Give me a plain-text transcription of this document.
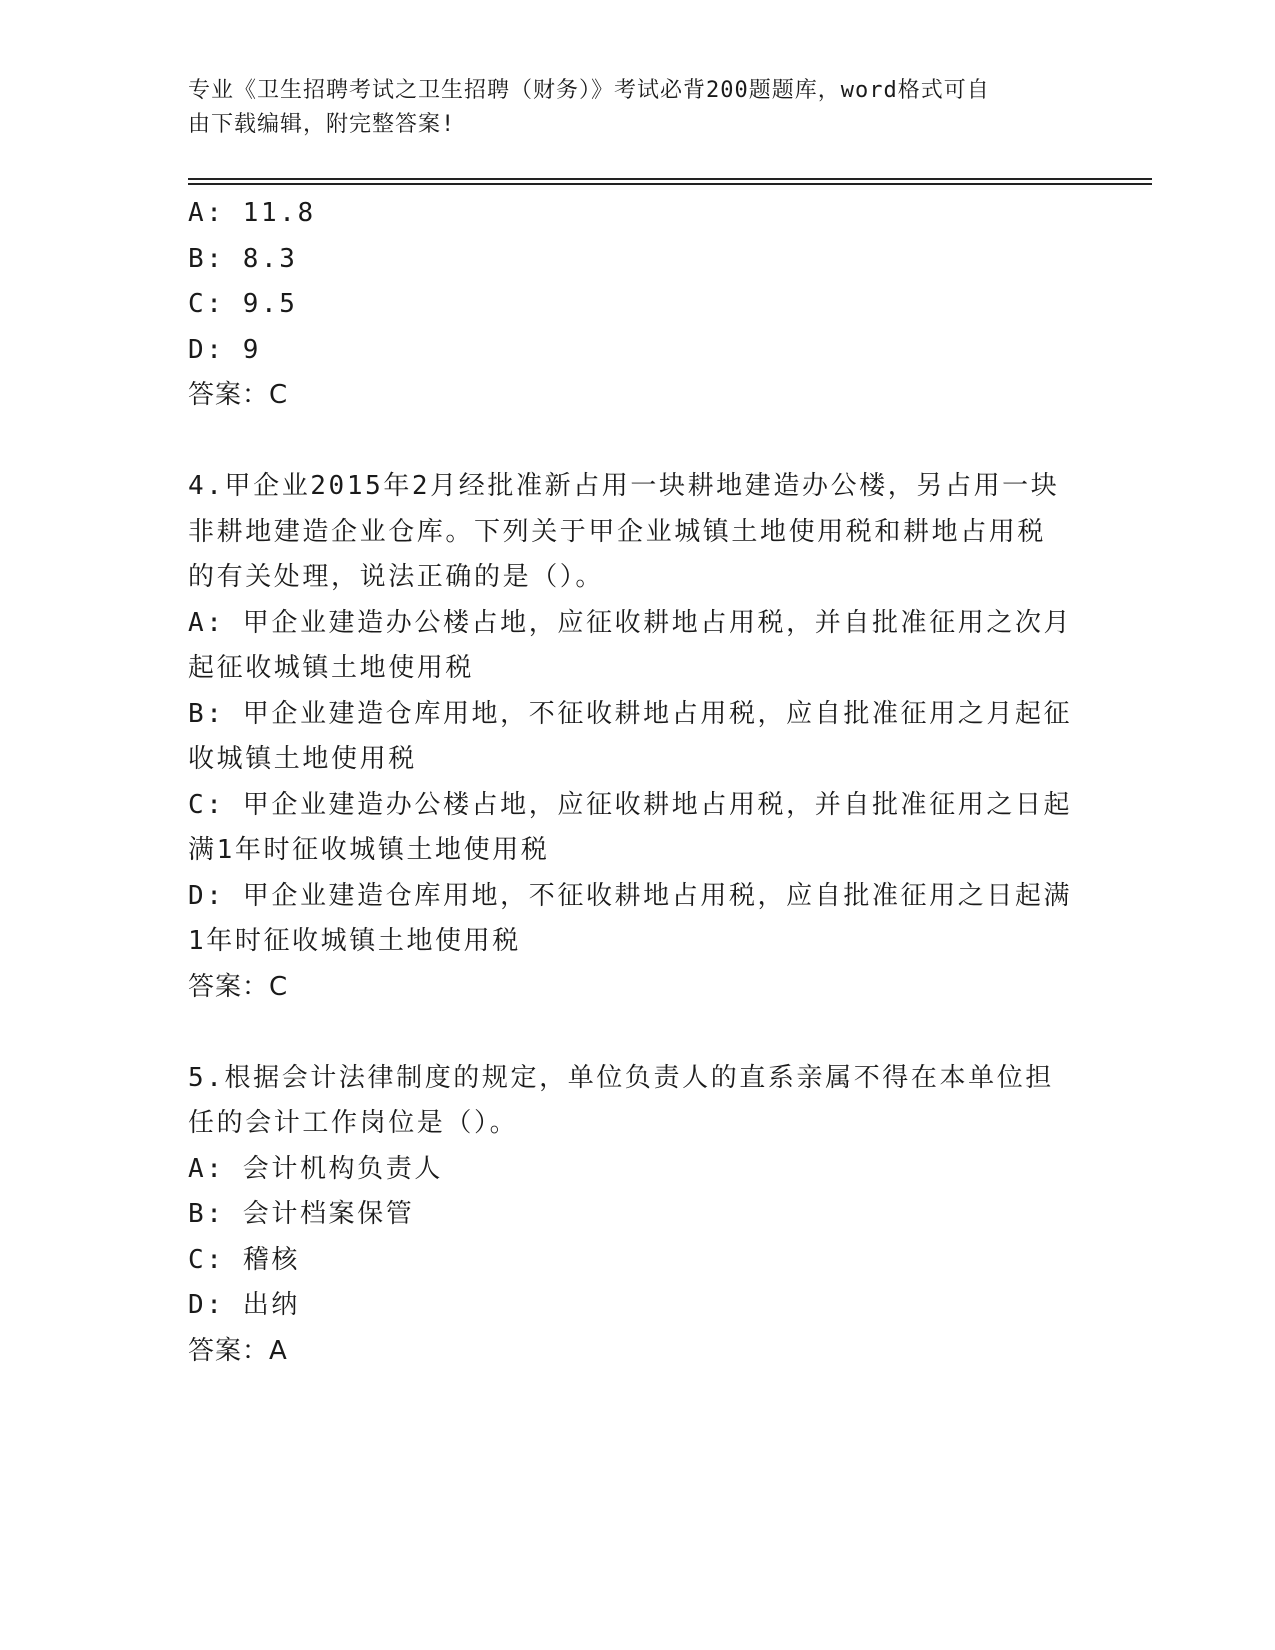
专业《卫生招聘考试之卫生招聘（财务）》考试必背200题题库，word格式可自
由下载编辑，附完整答案!
A: 11.8
B: 8.3
C: 9.5
D: 9
答案：C
4.甲企业2015年2月经批准新占用一块耕地建造办公楼，另占用一块
非耕地建造企业仓库。下列关于甲企业城镇土地使用税和耕地占用税
的有关处理，说法正确的是（）。
A: 甲企业建造办公楼占地，应征收耕地占用税，并自批准征用之次月
起征收城镇土地使用税
B: 甲企业建造仓库用地，不征收耕地占用税，应自批准征用之月起征
收城镇土地使用税
C: 甲企业建造办公楼占地，应征收耕地占用税，并自批准征用之日起
满1年时征收城镇土地使用税
D: 甲企业建造仓库用地，不征收耕地占用税，应自批准征用之日起满
1年时征收城镇土地使用税
答案：C
5.根据会计法律制度的规定，单位负责人的直系亲属不得在本单位担
任的会计工作岗位是（）。
A: 会计机构负责人
B: 会计档案保管
C: 稽核
D: 出纳
答案：A
